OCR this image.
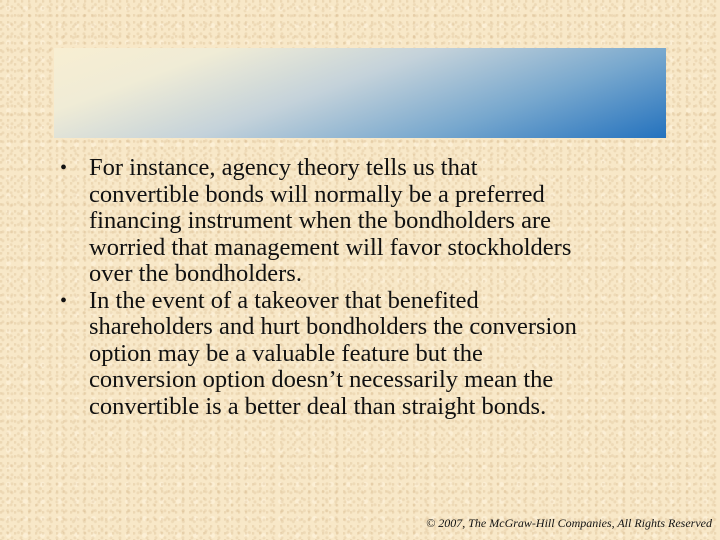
• For instance, agency theory tells us that
convertible bonds will normally be a preferred
financing instrument when the bondholders are
worried that management will favor stockholders
over the bondholders.
• In the event of a takeover that benefited
shareholders and hurt bondholders the conversion
option may be a valuable feature but the
conversion option doesn’t necessarily mean the
convertible is a better deal than straight bonds.
© 2007, The McGraw-Hill Companies, All Rights Reserved
